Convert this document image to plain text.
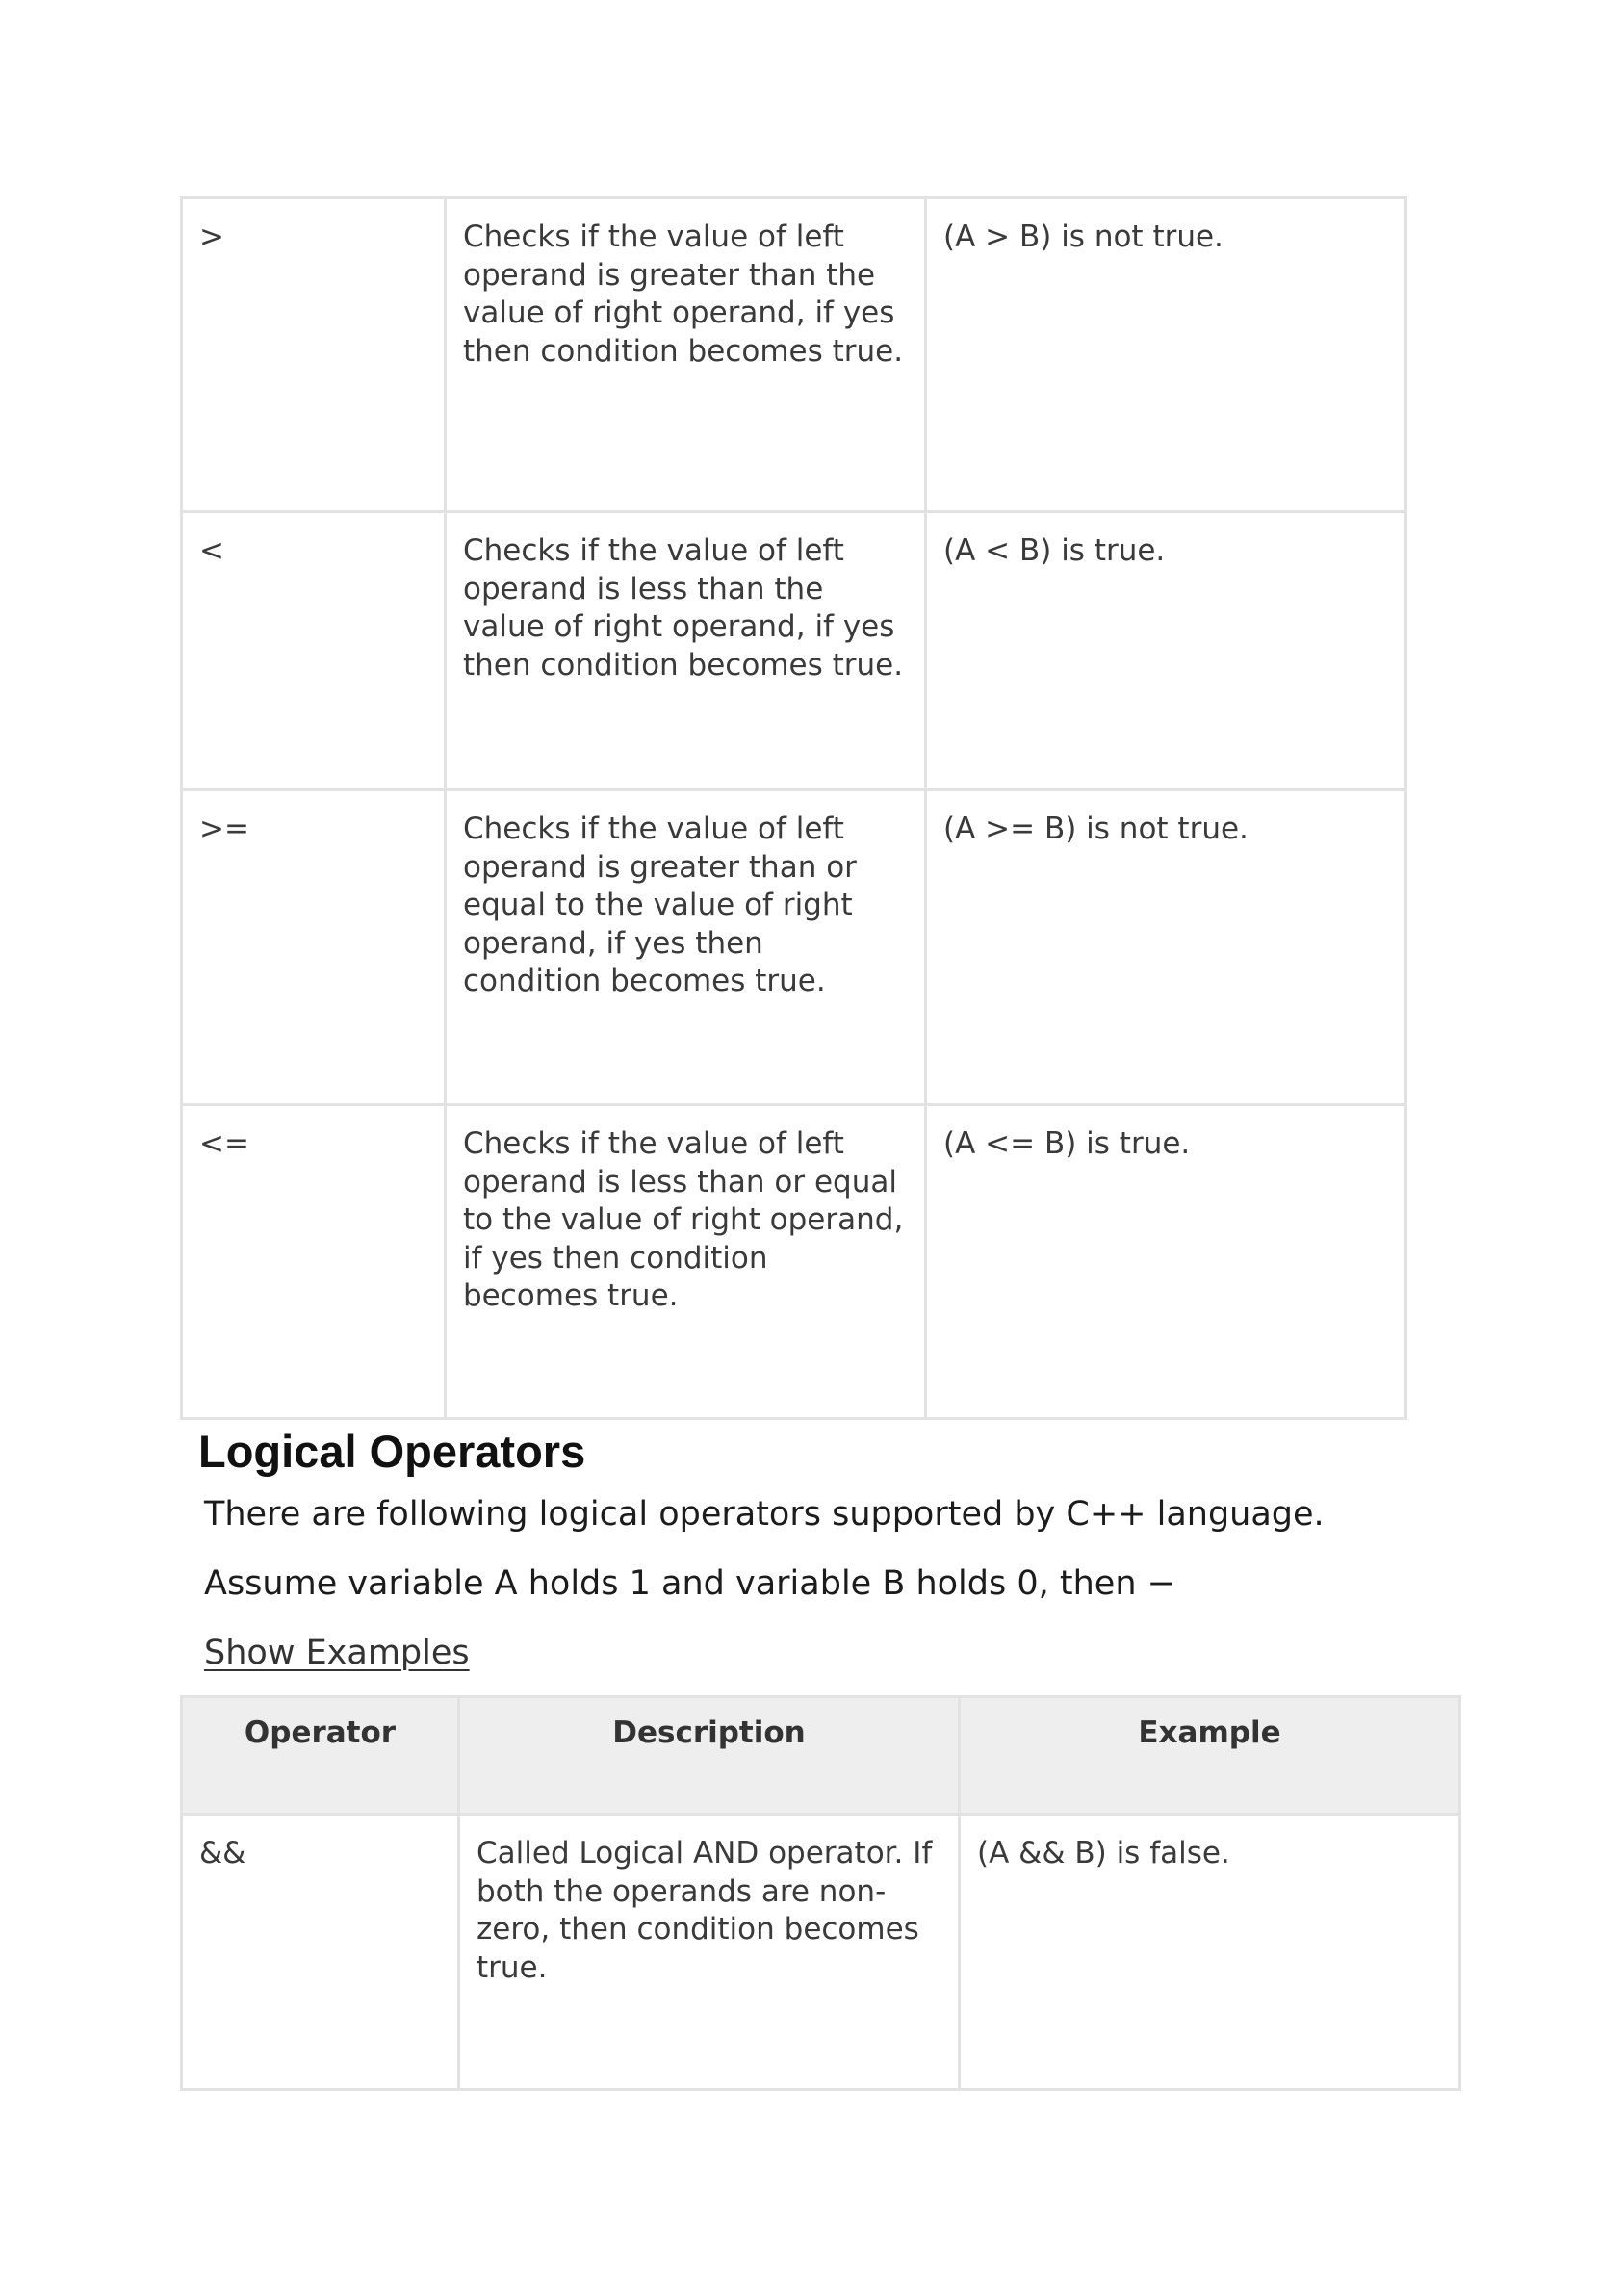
>	Checks if the value of left operand is greater than the value of right operand, if yes then condition becomes true.	(A > B) is not true.
<	Checks if the value of left operand is less than the value of right operand, if yes then condition becomes true.	(A < B) is true.
>=	Checks if the value of left operand is greater than or equal to the value of right operand, if yes then condition becomes true.	(A >= B) is not true.
<=	Checks if the value of left operand is less than or equal to the value of right operand, if yes then condition becomes true.	(A <= B) is true.
Logical Operators

There are following logical operators supported by C++ language.

Assume variable A holds 1 and variable B holds 0, then −

Show Examples
Operator	Description	Example
&&	Called Logical AND operator. If both the operands are non-zero, then condition becomes true.	(A && B) is false.
